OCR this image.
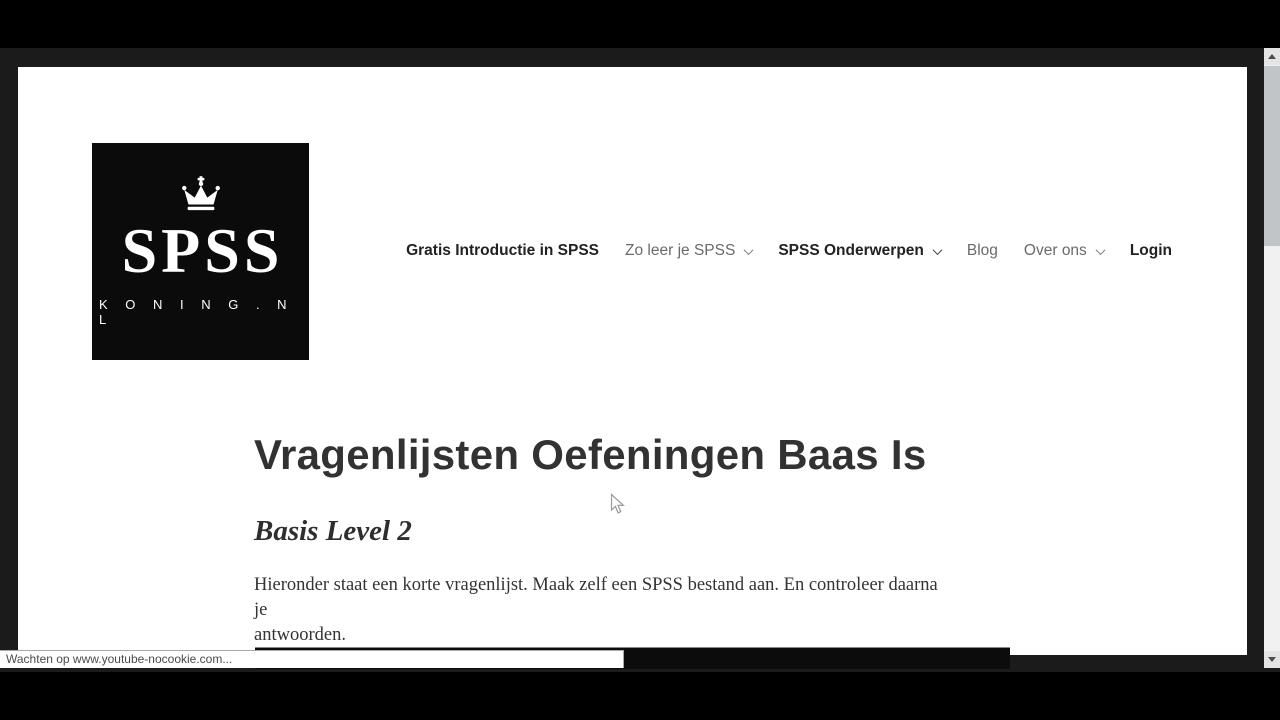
SPSS
K O N I N G . N L
Gratis Introductie in SPSS Zo leer je SPSS	SPSS Onderwerpen	Blog Over ons	Login
Vragenlijsten Oefeningen Baas Is
Basis Level 2
Hieronder staat een korte vragenlijst. Maak zelf een SPSS bestand aan. En controleer daarna je
antwoorden.
Wachten op www.youtube-nocookie.com...
